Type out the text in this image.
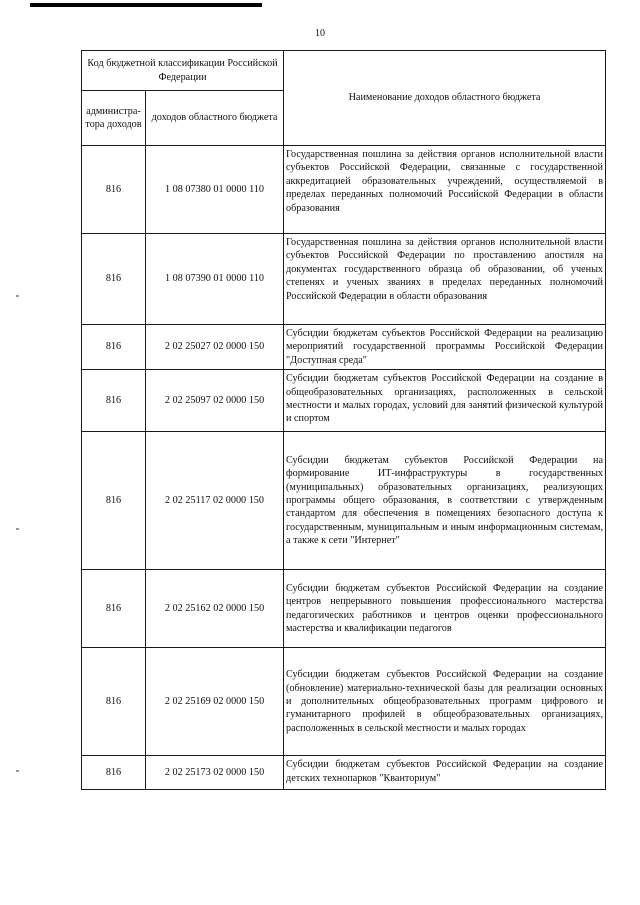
10
Код бюджетной классификации Российской Федерации		Наименование доходов областного бюджета
администра-тора доходов	доходов областного бюджета	
816	1 08 07380 01 0000 110	Государственная пошлина за действия органов исполнительной власти субъектов Российской Федерации, связанные с государственной аккредитацией образовательных учреждений, осуществляемой в пределах переданных полномочий Российской Федерации в области образования
816	1 08 07390 01 0000 110	Государственная пошлина за действия органов исполнительной власти субъектов Российской Федерации по проставлению апостиля на документах государственного образца об образовании, об ученых степенях и ученых званиях в пределах переданных полномочий Российской Федерации в области образования
816	2 02 25027 02 0000 150	Субсидии бюджетам субъектов Российской Федерации на реализацию мероприятий государственной программы Российской Федерации "Доступная среда"
816	2 02 25097 02 0000 150	Субсидии бюджетам субъектов Российской Федерации на создание в общеобразовательных организациях, расположенных в сельской местности и малых городах, условий для занятий физической культурой и спортом
816	2 02 25117 02 0000 150	Субсидии бюджетам субъектов Российской Федерации на формирование ИТ-инфраструктуры в государственных (муниципальных) образовательных организациях, реализующих программы общего образования, в соответствии с утвержденным стандартом для обеспечения в помещениях безопасного доступа к государственным, муниципальным и иным информационным системам, а также к сети "Интернет"
816	2 02 25162 02 0000 150	Субсидии бюджетам субъектов Российской Федерации на создание центров непрерывного повышения профессионального мастерства педагогических работников и центров оценки профессионального мастерства и квалификации педагогов
816	2 02 25169 02 0000 150	Субсидии бюджетам субъектов Российской Федерации на создание (обновление) материально-технической базы для реализации основных и дополнительных общеобразовательных программ цифрового и гуманитарного профилей в общеобразовательных организациях, расположенных в сельской местности и малых городах
816	2 02 25173 02 0000 150	Субсидии бюджетам субъектов Российской Федерации на создание детских технопарков "Кванториум"
